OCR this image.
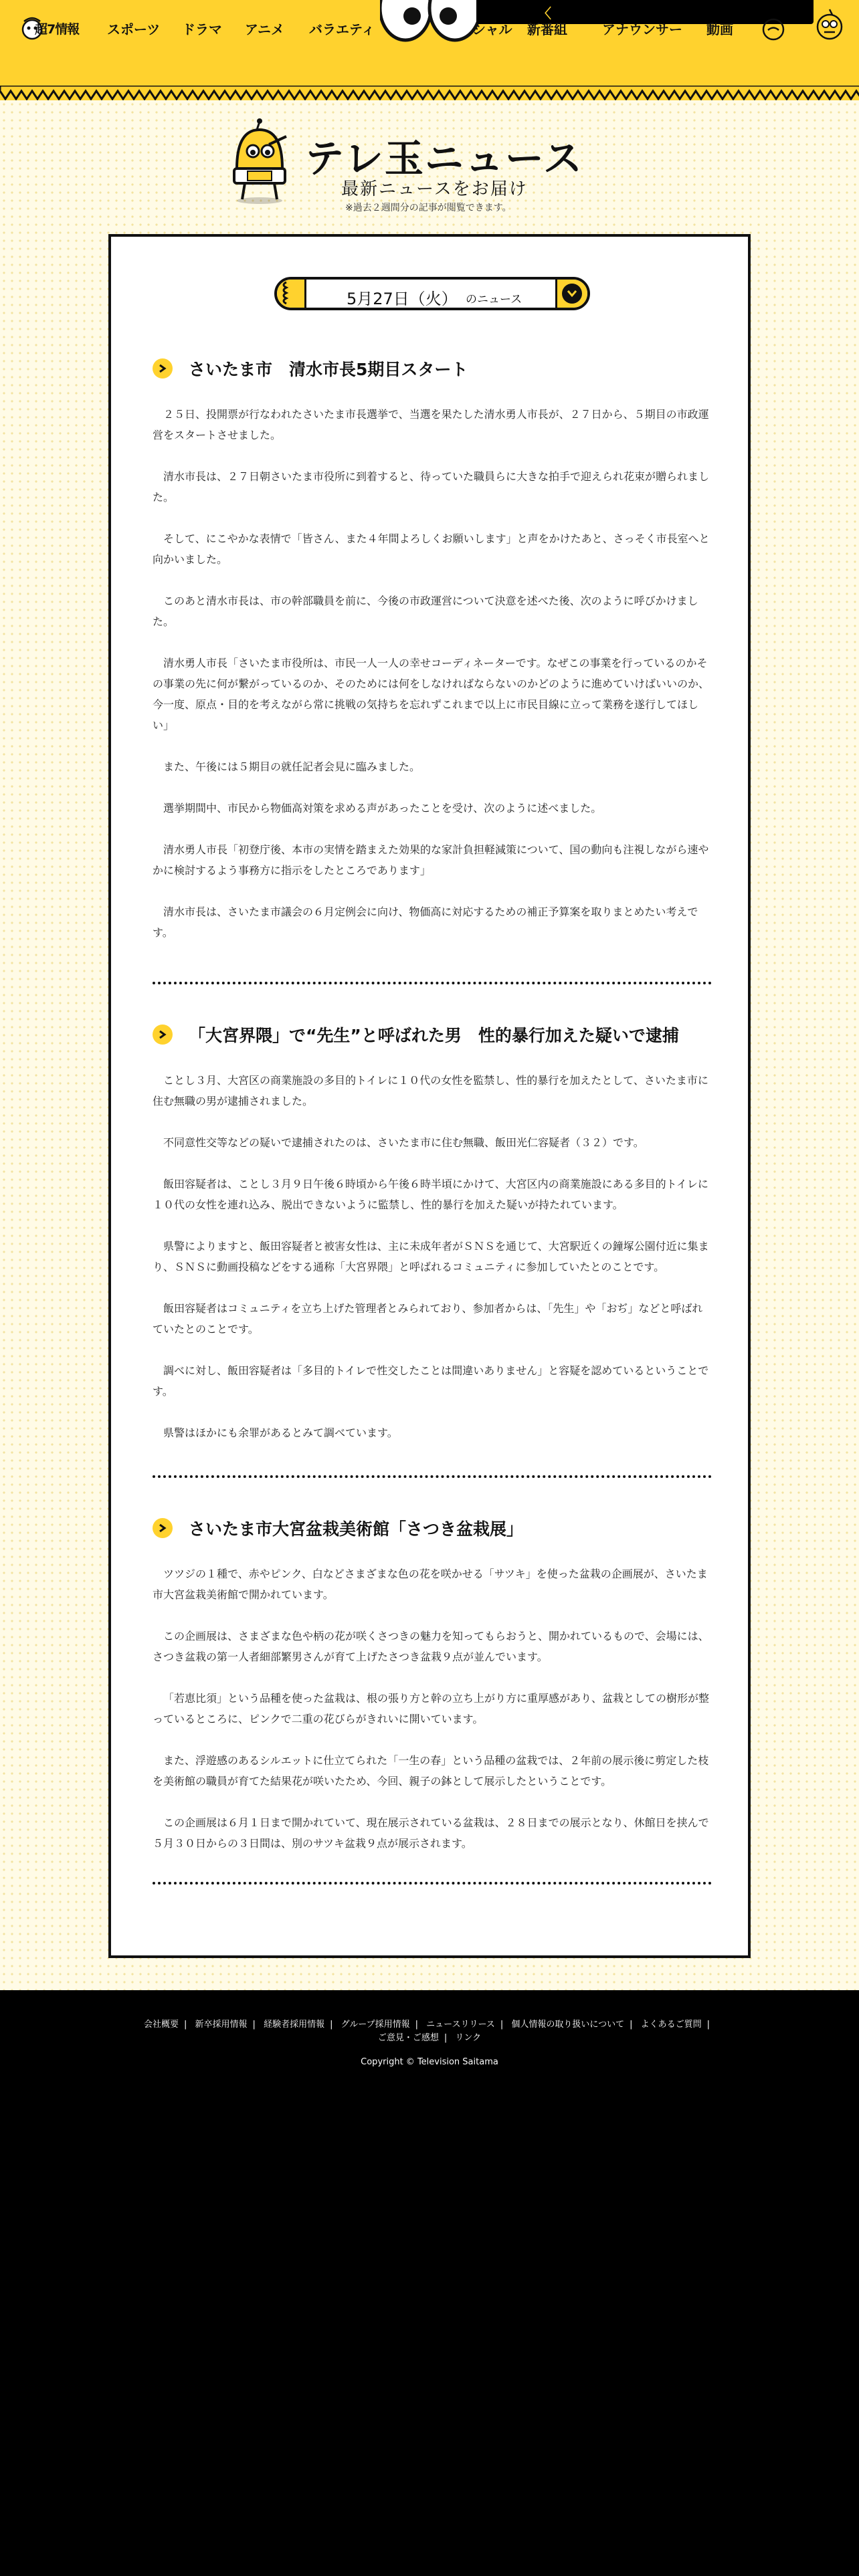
超7情報 スポーツ ドラマ アニメ バラエティ
〈
シャル 新番組	アナウンサー 動画
テレ玉ニュース
最新ニュースをお届け
※過去２週間分の記事が閲覧できます。
5月27日（火） のニュース
さいたま市　清水市長5期目スタート

２５日、投開票が行なわれたさいたま市長選挙で、当選を果たした清水勇人市長が、２７日から、５期目の市政運営をスタートさせました。

清水市長は、２７日朝さいたま市役所に到着すると、待っていた職員らに大きな拍手で迎えられ花束が贈られました。

そして、にこやかな表情で「皆さん、また４年間よろしくお願いします」と声をかけたあと、さっそく市長室へと向かいました。

このあと清水市長は、市の幹部職員を前に、今後の市政運営について決意を述べた後、次のように呼びかけました。

清水勇人市長「さいたま市役所は、市民一人一人の幸せコーディネーターです。なぜこの事業を行っているのかその事業の先に何が繋がっているのか、そのためには何をしなければならないのかどのように進めていけばいいのか、今一度、原点・目的を考えながら常に挑戦の気持ちを忘れずこれまで以上に市民目線に立って業務を遂行してほしい」

また、午後には５期目の就任記者会見に臨みました。

選挙期間中、市民から物価高対策を求める声があったことを受け、次のように述べました。

清水勇人市長「初登庁後、本市の実情を踏まえた効果的な家計負担軽減策について、国の動向も注視しながら速やかに検討するよう事務方に指示をしたところであります」

清水市長は、さいたま市議会の６月定例会に向け、物価高に対応するための補正予算案を取りまとめたい考えです。

「大宮界隈」で“先生”と呼ばれた男　性的暴行加えた疑いで逮捕

ことし３月、大宮区の商業施設の多目的トイレに１０代の女性を監禁し、性的暴行を加えたとして、さいたま市に住む無職の男が逮捕されました。

不同意性交等などの疑いで逮捕されたのは、さいたま市に住む無職、飯田光仁容疑者（３２）です。

飯田容疑者は、ことし３月９日午後６時頃から午後６時半頃にかけて、大宮区内の商業施設にある多目的トイレに１０代の女性を連れ込み、脱出できないように監禁し、性的暴行を加えた疑いが持たれています。

県警によりますと、飯田容疑者と被害女性は、主に未成年者がＳＮＳを通じて、大宮駅近くの鐘塚公園付近に集まり、ＳＮＳに動画投稿などをする通称「大宮界隈」と呼ばれるコミュニティに参加していたとのことです。

飯田容疑者はコミュニティを立ち上げた管理者とみられており、参加者からは、「先生」や「おぢ」などと呼ばれていたとのことです。

調べに対し、飯田容疑者は「多目的トイレで性交したことは間違いありません」と容疑を認めているということです。

県警はほかにも余罪があるとみて調べています。

さいたま市大宮盆栽美術館「さつき盆栽展」

ツツジの１種で、赤やピンク、白などさまざまな色の花を咲かせる「サツキ」を使った盆栽の企画展が、さいたま市大宮盆栽美術館で開かれています。

この企画展は、さまざまな色や柄の花が咲くさつきの魅力を知ってもらおうと、開かれているもので、会場には、さつき盆栽の第一人者細部繁男さんが育て上げたさつき盆栽９点が並んでいます。

「若恵比須」という品種を使った盆栽は、根の張り方と幹の立ち上がり方に重厚感があり、盆栽としての樹形が整っているところに、ピンクで二重の花びらがきれいに開いています。

また、浮遊感のあるシルエットに仕立てられた「一生の春」という品種の盆栽では、２年前の展示後に剪定した枝を美術館の職員が育てた結果花が咲いたため、今回、親子の鉢として展示したということです。

この企画展は６月１日まで開かれていて、現在展示されている盆栽は、２８日までの展示となり、休館日を挟んで５月３０日からの３日間は、別のサツキ盆栽９点が展示されます。

会社概要 | 新卒採用情報 | 経験者採用情報 | グループ採用情報 | ニュースリリース | 個人情報の取り扱いについて | よくあるご質問 |
ご意見・ご感想 | リンク
Copyright © Television Saitama
